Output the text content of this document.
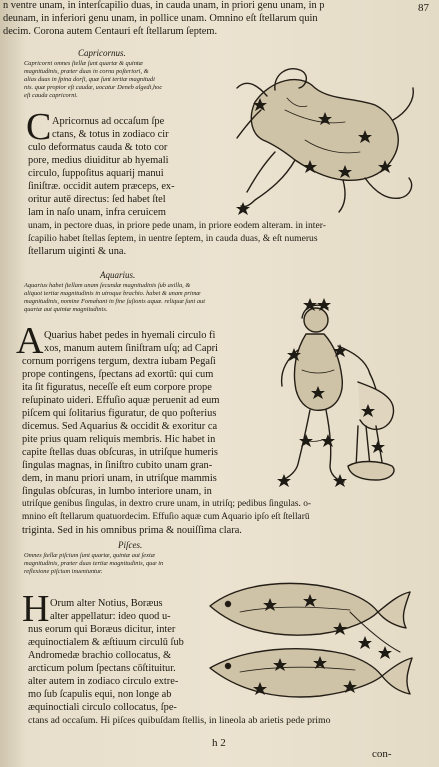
87
n ventre unam, in interſcapilio duas, in cauda unam, in priori genu unam, in p
deunam, in inferiori genu unam, in pollice unam. Omnino eſt ſtellarum quin
decim. Corona autem Centauri eſt ſtellarum ſeptem.
Capricornus.
Capricorni omnes ſtellæ ſunt quartæ & quintæ
magnitudinis, præter duas in cornu poſteriori, &
alias duas in ſpina dorſi, quæ ſunt tertiæ magnitudi
nis. quæ propior eſt caudæ, uocatur Deneb algedi,hoc
eſt cauda capricorni.
C Apricornus ad occaſum ſpe
ctans, & totus in zodiaco cir
culo deformatus cauda & toto cor
pore, medius diuiditur ab hyemali
circulo, ſuppoſitus aquarij manui
ſiniſtræ. occidit autem præceps, ex-
oritur autē directus: ſed habet ſtel
lam in naſo unam, infra ceruicem
unam, in pectore duas, in priore pede unam, in priore eodem alteram. in inter-
ſcapilio habet ſtellas ſeptem, in uentre ſeptem, in cauda duas, & eſt numerus
ſtellarum uiginti & una.
Aquarius.
Aquarius habet ſtellam unam ſecundæ magnitudinis ſub axilla, &
aliquot tertiæ magnitudinis in utroque brachio. habet & unam primæ
magnitudinis, nomine Fomahant in fine ſuſionis aquæ. reliquæ ſunt aut
quartæ aut quintæ magnitudinis.
A Quarius habet pedes in hyemali circulo fi
xos, manum autem ſiniſtram uſq; ad Capri
cornum porrigens tergum, dextra iubam Pegaſi
prope contingens, ſpectans ad exortū: qui cum
ita ſit figuratus, neceſſe eſt eum corpore prope
reſupinato uideri. Effuſio aquæ peruenit ad eum
piſcem qui ſolitarius figuratur, de quo poſterius
dicemus. Sed Aquarius & occidit & exoritur ca
pite prius quam reliquis membris. Hic habet in
capite ſtellas duas obſcuras, in utriſque humeris
ſingulas magnas, in ſiniſtro cubito unam gran-
dem, in manu priori unam, in utriſque mammis
ſingulas obſcuras, in lumbo interiore unam, in
utriſque genibus ſingulas, in dextro crure unam, in utriſq; pedibus ſingulas. o-
mnino eſt ſtellarum quatuordecim. Effuſio aquæ cum Aquario ipſo eſt ſtellarū
triginta. Sed in his omnibus prima & nouiſſima clara.
Piſces.
Omnes ſtellæ piſcium ſunt quartæ, quintæ aut ſextæ
magnitudinis, præter duas tertiæ magnitudinis, quæ in
reflexione piſcium inueniuntur.
H Orum alter Notius, Boræus
alter appellatur: ideo quod u-
nus eorum qui Boræus dicitur, inter
æquinoctialem & æſtiuum circulū ſub
Andromedæ brachio collocatus, &
arcticum polum ſpectans cōſtituitur.
alter autem in zodiaco circulo extre-
mo ſub ſcapulis equi, non longe ab
æquinoctiali circulo collocatus, ſpe-
ctans ad occaſum. Hi piſces quibuſdam ſtellis, in lineola ab arietis pede primo
h 2
con-
